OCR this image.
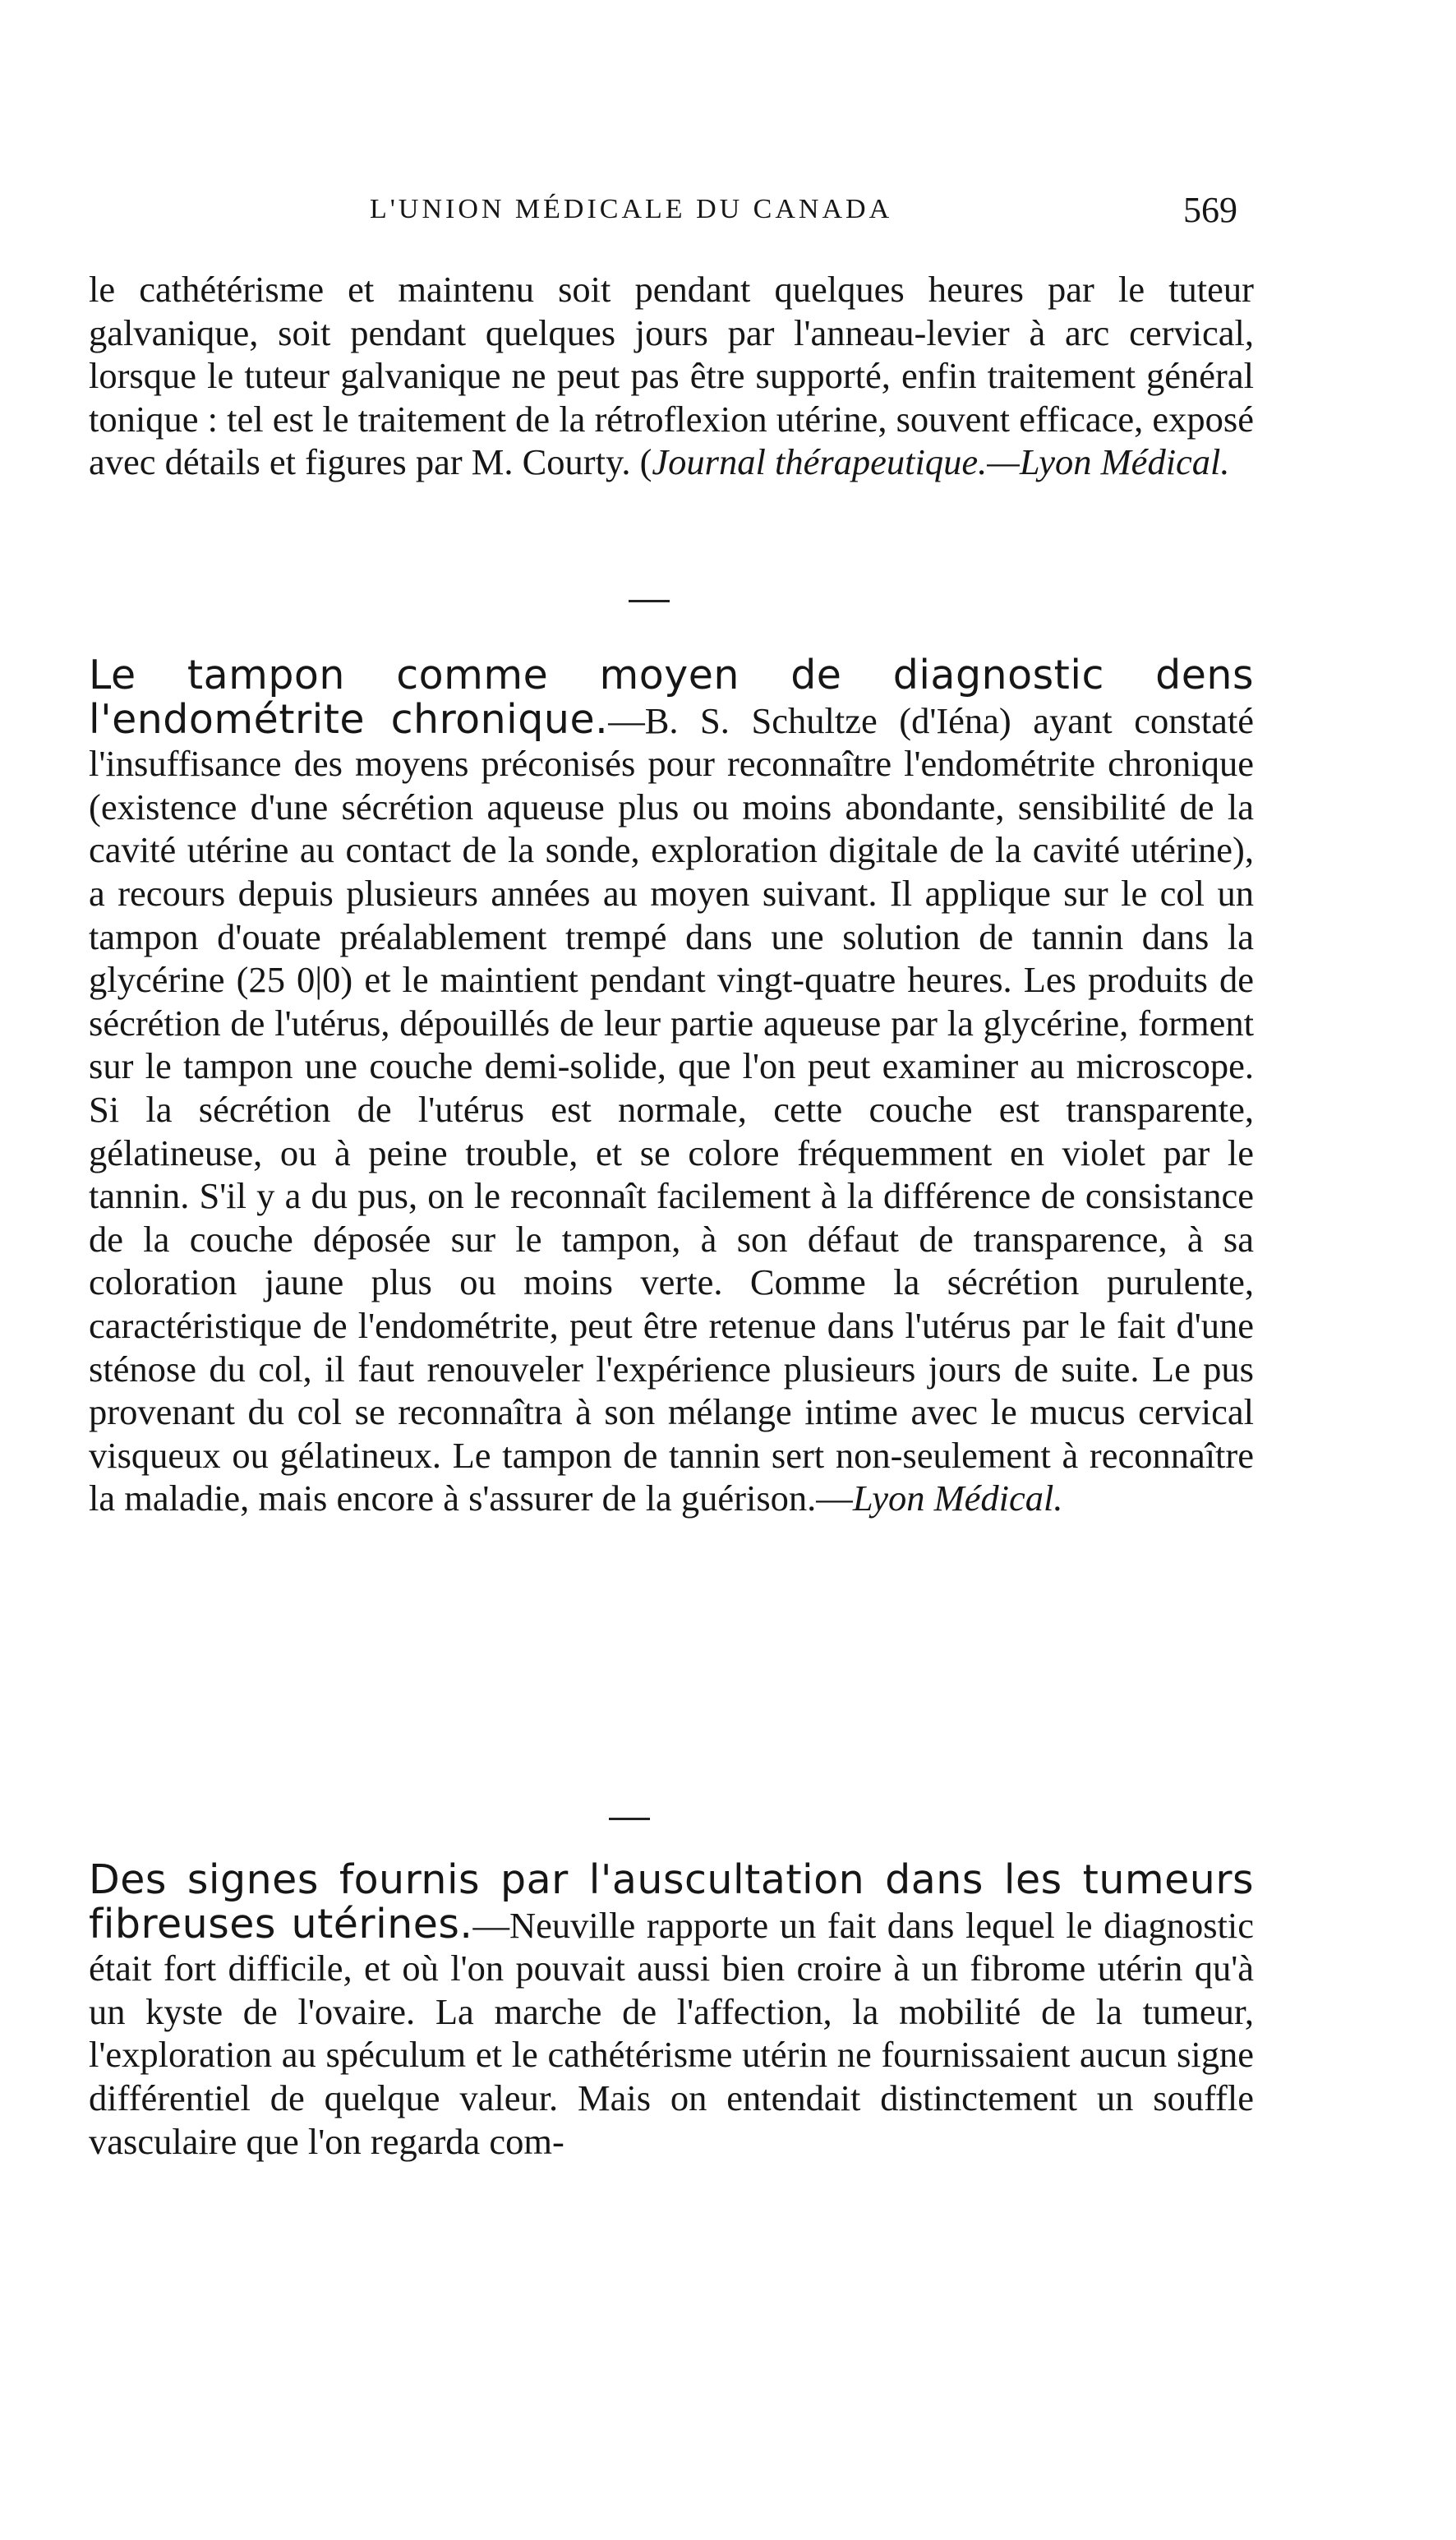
L'UNION MÉDICALE DU CANADA	569
le cathétérisme et maintenu soit pendant quelques heures par le tuteur galvanique, soit pendant quelques jours par l'anneau-levier à arc cervical, lorsque le tuteur galvanique ne peut pas être supporté, enfin traitement général tonique : tel est le traitement de la rétroflexion utérine, souvent efficace, exposé avec détails et figures par M. Courty. (Journal thérapeutique.—Lyon Médical.
Le tampon comme moyen de diagnostic dens l'endométrite chronique.—B. S. Schultze (d'Iéna) ayant constaté l'insuffisance des moyens préconisés pour reconnaître l'endométrite chronique (existence d'une sécrétion aqueuse plus ou moins abondante, sensibilité de la cavité utérine au contact de la sonde, exploration digitale de la cavité utérine), a recours depuis plusieurs années au moyen suivant. Il applique sur le col un tampon d'ouate préalablement trempé dans une solution de tannin dans la glycérine (25 0|0) et le maintient pendant vingt-quatre heures. Les produits de sécrétion de l'utérus, dépouillés de leur partie aqueuse par la glycérine, forment sur le tampon une couche demi-solide, que l'on peut examiner au microscope. Si la sécrétion de l'utérus est normale, cette couche est transparente, gélatineuse, ou à peine trouble, et se colore fréquemment en violet par le tannin. S'il y a du pus, on le reconnaît facilement à la différence de consistance de la couche déposée sur le tampon, à son défaut de transparence, à sa coloration jaune plus ou moins verte. Comme la sécrétion purulente, caractéristique de l'endométrite, peut être retenue dans l'utérus par le fait d'une sténose du col, il faut renouveler l'expérience plusieurs jours de suite. Le pus provenant du col se reconnaîtra à son mélange intime avec le mucus cervical visqueux ou gélatineux. Le tampon de tannin sert non-seulement à reconnaître la maladie, mais encore à s'assurer de la guérison.—Lyon Médical.
Des signes fournis par l'auscultation dans les tumeurs fibreuses utérines.—Neuville rapporte un fait dans lequel le diagnostic était fort difficile, et où l'on pouvait aussi bien croire à un fibrome utérin qu'à un kyste de l'ovaire. La marche de l'affection, la mobilité de la tumeur, l'exploration au spéculum et le cathétérisme utérin ne fournissaient aucun signe différentiel de quelque valeur. Mais on entendait distinctement un souffle vasculaire que l'on regarda com-
